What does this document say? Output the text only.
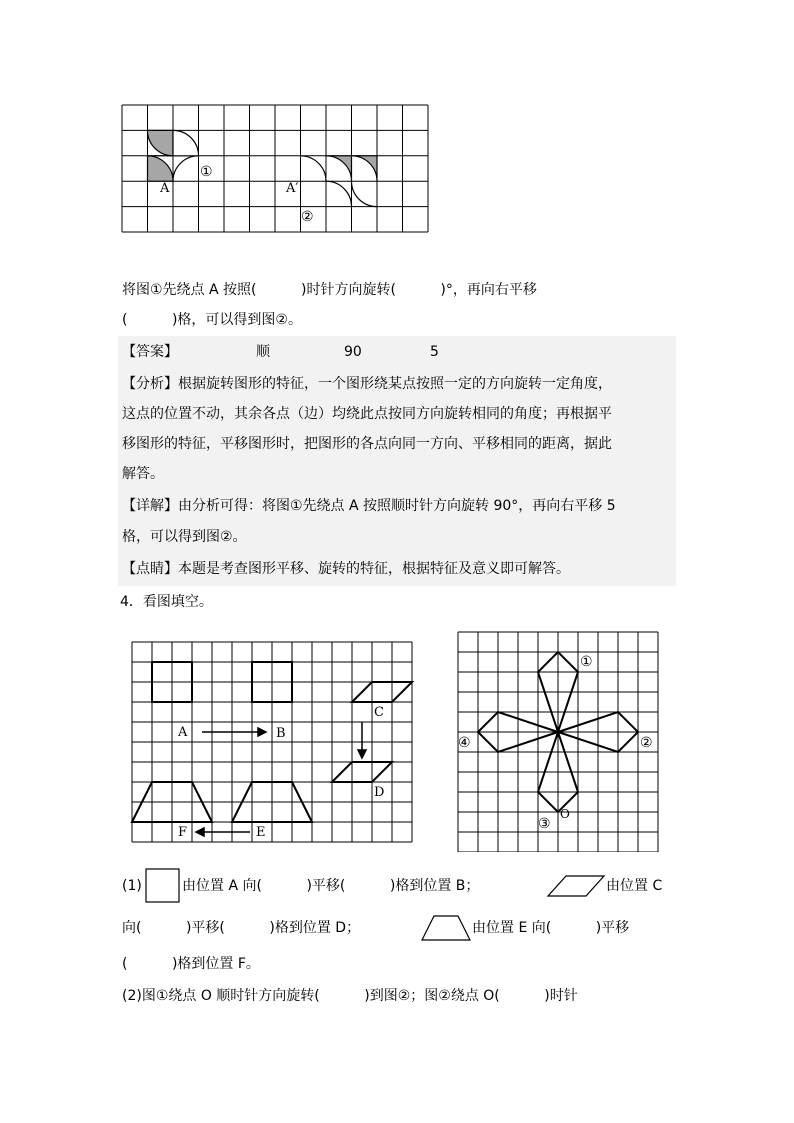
A
①
A′
②
将图①先绕点 A 按照(          )时针方向旋转(          )°，再向右平移
(          )格，可以得到图②。
【答案】	顺	90	5
【分析】根据旋转图形的特征，一个图形绕某点按照一定的方向旋转一定角度，
这点的位置不动，其余各点（边）均绕此点按同方向旋转相同的角度；再根据平
移图形的特征，平移图形时，把图形的各点向同一方向、平移相同的距离，据此
解答。
【详解】由分析可得：将图①先绕点 A 按照顺时针方向旋转 90°，再向右平移 5
格，可以得到图②。
【点睛】本题是考查图形平移、旋转的特征，根据特征及意义即可解答。
4．看图填空。
A	B
C
D
F	E
①
②
③
④
O
(1)	由位置 A 向(          )平移(          )格到位置 B；	由位置 C
向(          )平移(          )格到位置 D；	由位置 E 向(          )平移
(          )格到位置 F。
(2)图①绕点 O 顺时针方向旋转(          )到图②；图②绕点 O(          )时针
